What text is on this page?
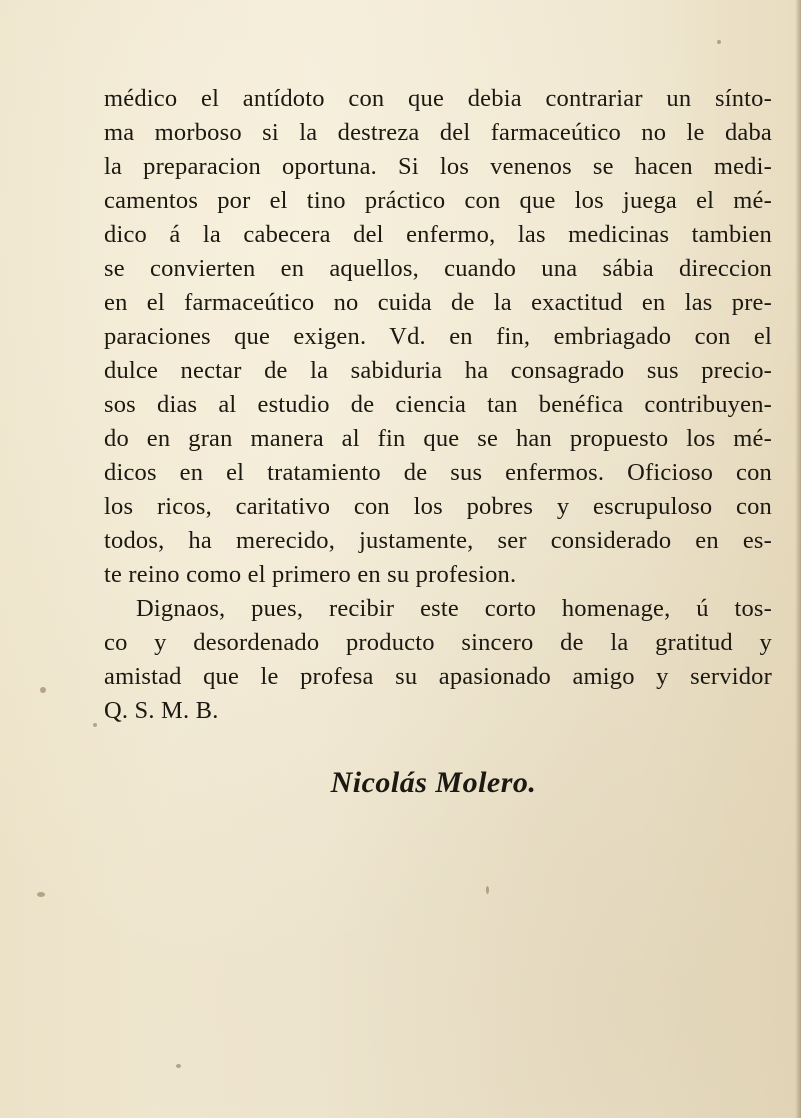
médico el antídoto con que debia contrariar un sínto-
ma morboso si la destreza del farmaceútico no le daba
la preparacion oportuna. Si los venenos se hacen medi-
camentos por el tino práctico con que los juega el mé-
dico á la cabecera del enfermo, las medicinas tambien
se convierten en aquellos, cuando una sábia direccion
en el farmaceútico no cuida de la exactitud en las pre-
paraciones que exigen. Vd. en fin, embriagado con el
dulce nectar de la sabiduria ha consagrado sus precio-
sos dias al estudio de ciencia tan benéfica contribuyen-
do en gran manera al fin que se han propuesto los mé-
dicos en el tratamiento de sus enfermos. Oficioso con
los ricos, caritativo con los pobres y escrupuloso con
todos, ha merecido, justamente, ser considerado en es-
te reino como el primero en su profesion.
Dignaos, pues, recibir este corto homenage, ú tos-
co y desordenado producto sincero de la gratitud y
amistad que le profesa su apasionado amigo y servidor
Q. S. M. B.
Nicolás Molero.
